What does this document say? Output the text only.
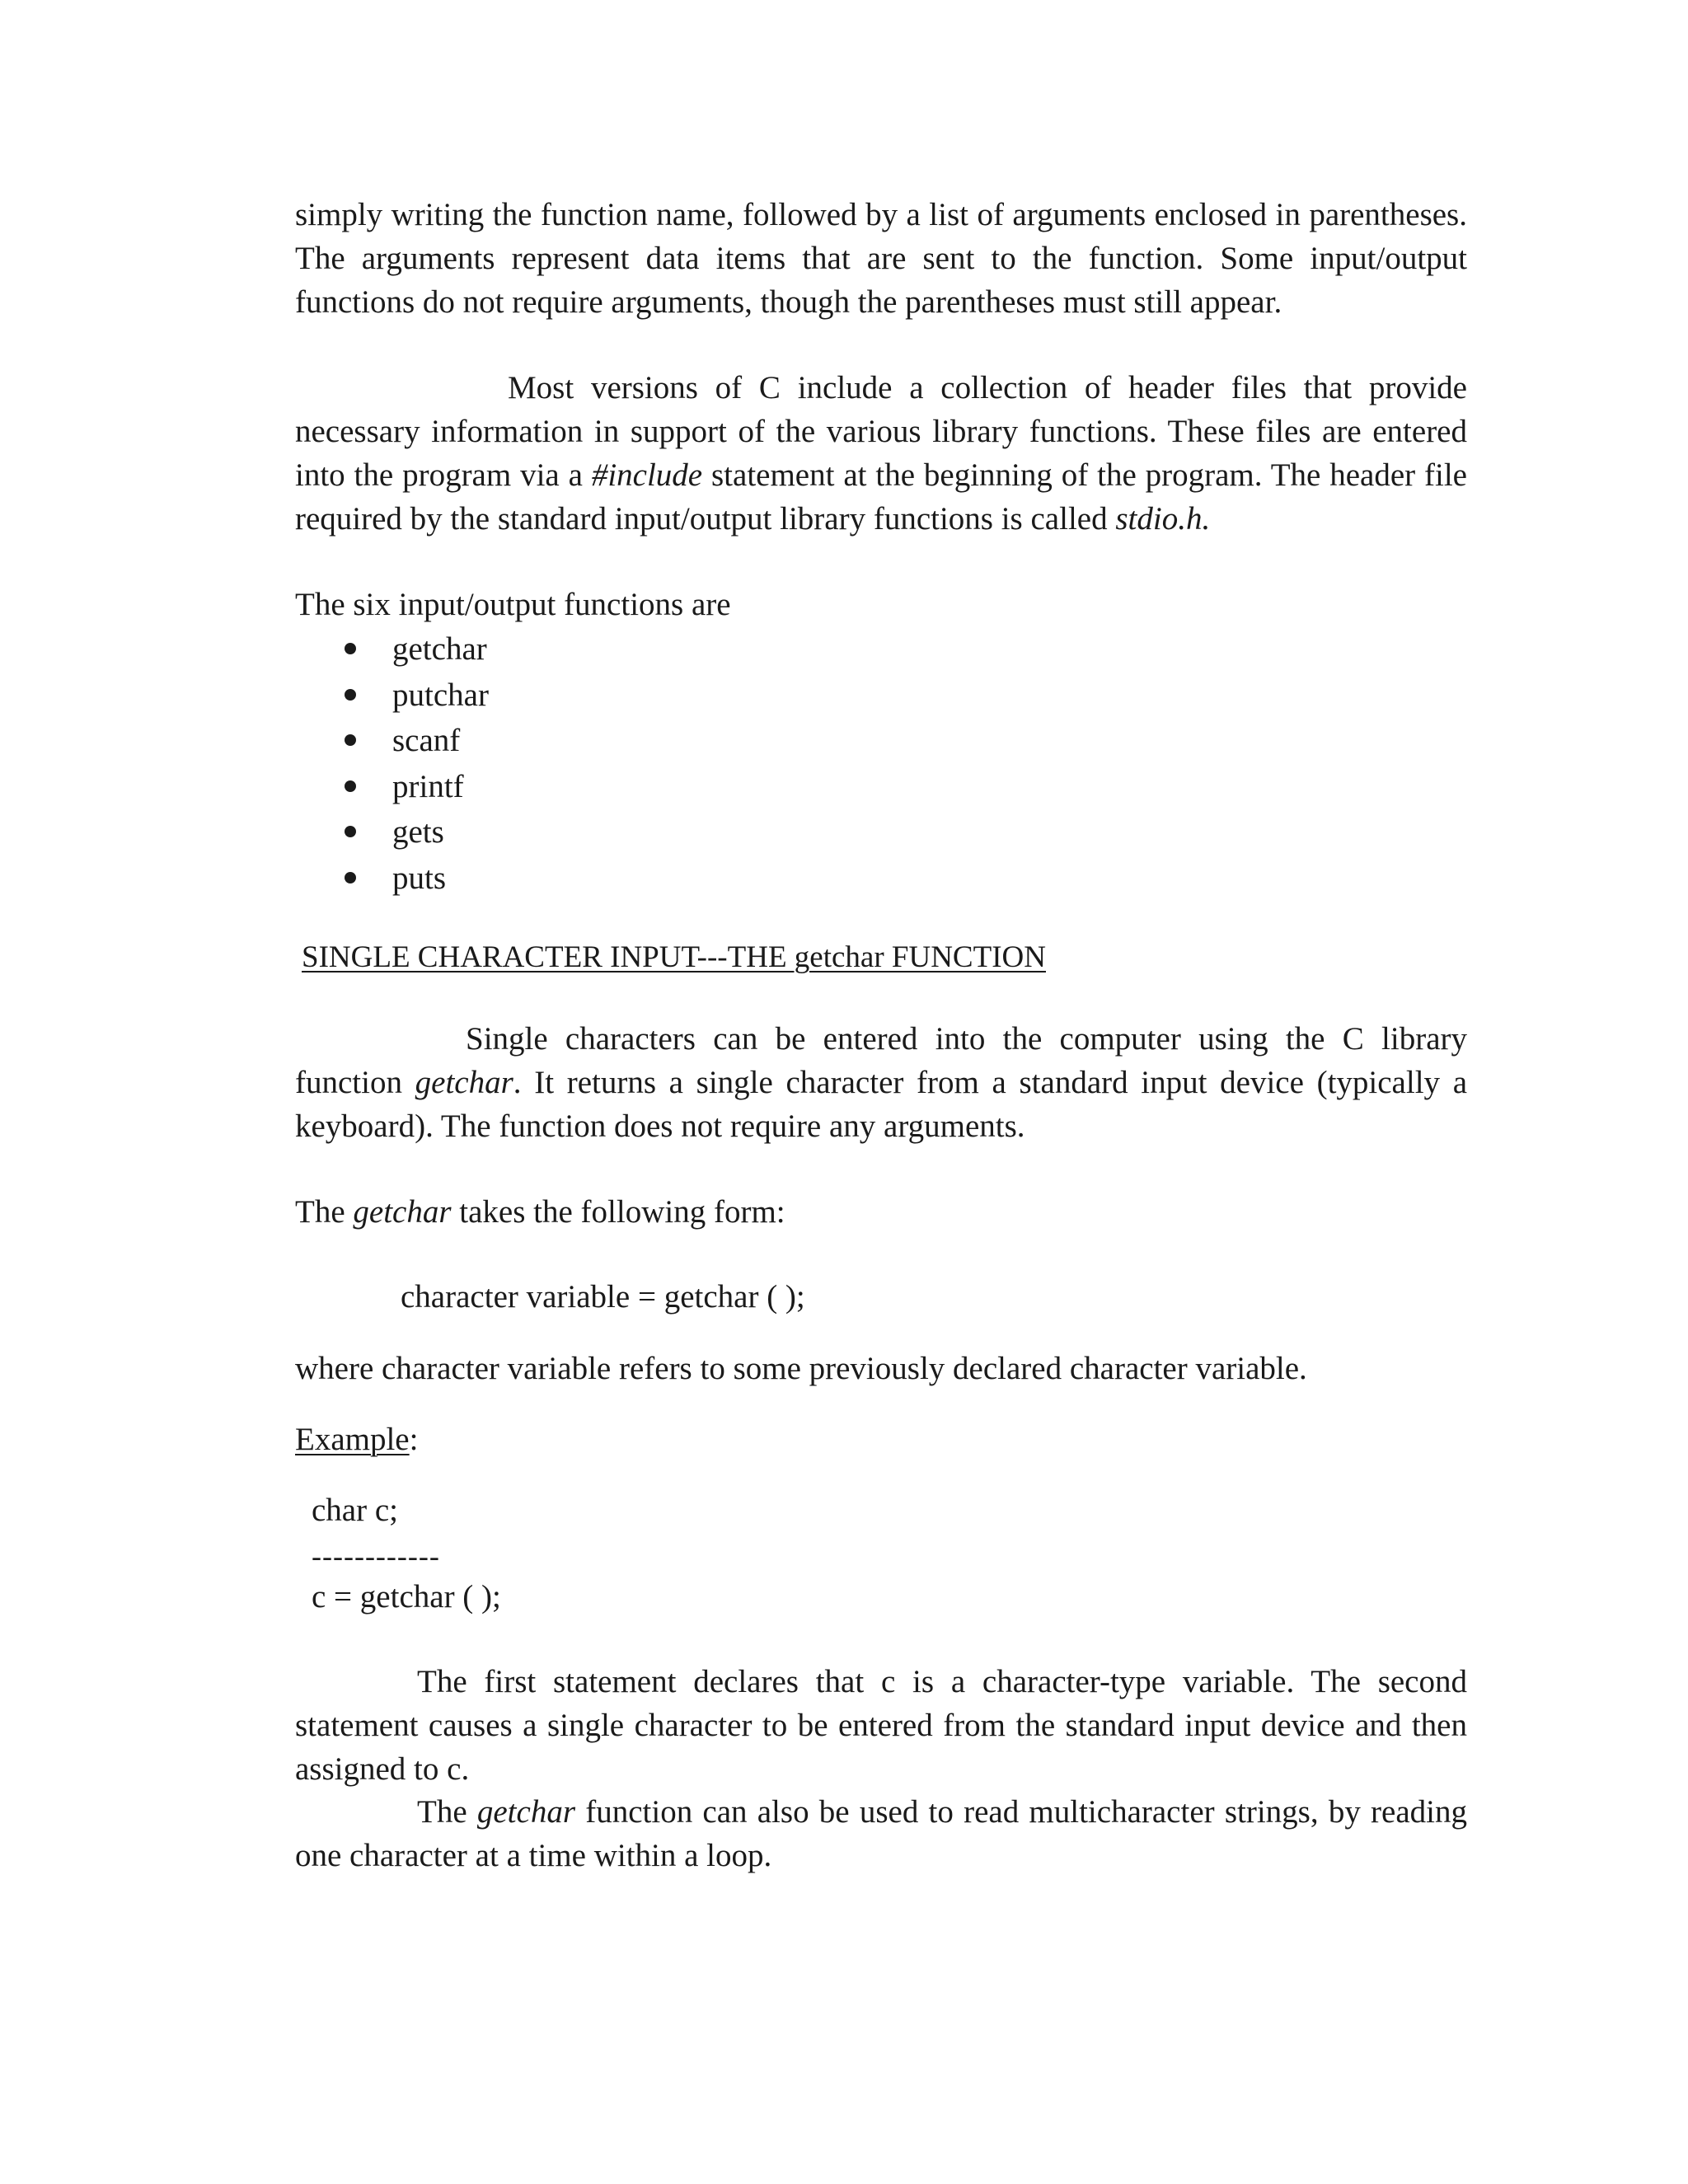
simply writing the function name, followed by a list of arguments enclosed in parentheses. The arguments represent data items that are sent to the function. Some input/output functions do not require arguments, though the parentheses must still appear.

Most versions of C include a collection of header files that provide necessary information in support of the various library functions. These files are entered into the program via a #include statement at the beginning of the program. The header file required by the standard input/output library functions is called stdio.h.

The six input/output functions are

getchar
putchar
scanf
printf
gets
puts

SINGLE CHARACTER INPUT---THE getchar FUNCTION

Single characters can be entered into the computer using the C library function getchar. It returns a single character from a standard input device (typically a keyboard). The function does not require any arguments.

The getchar takes the following form:

character variable = getchar ( );

where character variable refers to some previously declared character variable.

Example:

char c;

------------

c = getchar ( );

The first statement declares that c is a character-type variable. The second statement causes a single character to be entered from the standard input device and then assigned to c.

The getchar function can also be used to read multicharacter strings, by reading one character at a time within a loop.
